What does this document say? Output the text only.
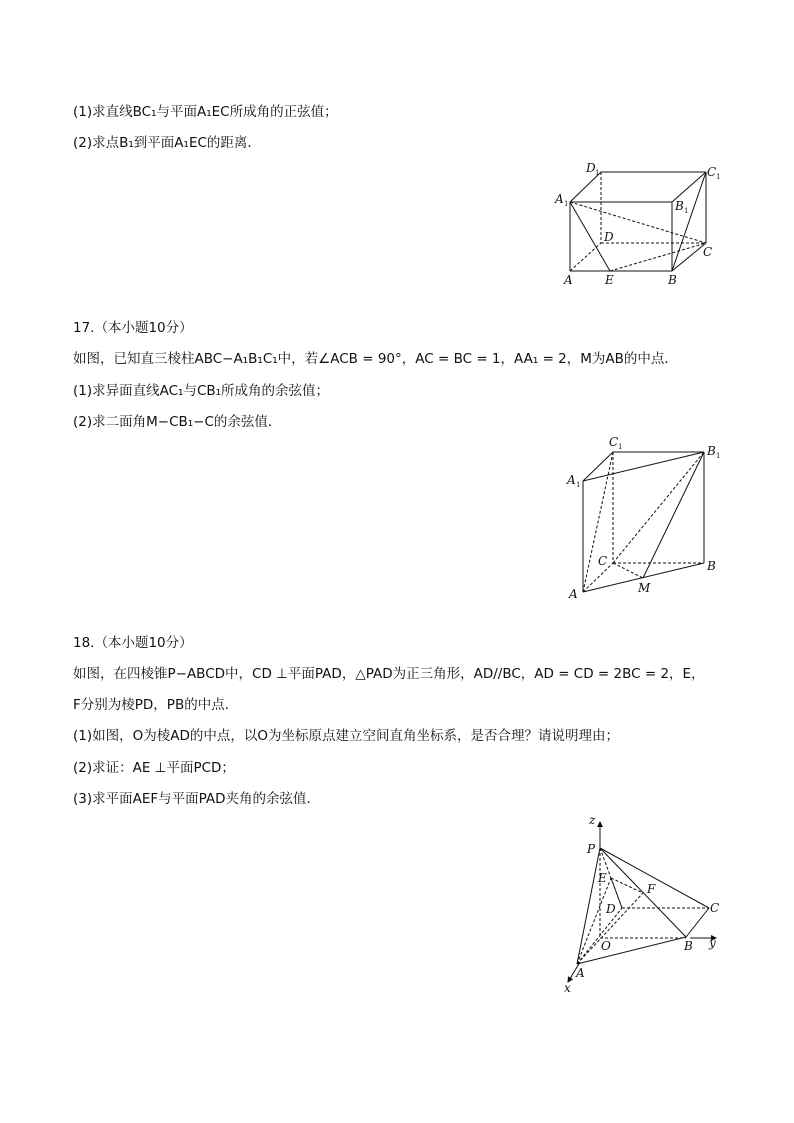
(1)求直线BC₁与平面A₁EC所成角的正弦值；
(2)求点B₁到平面A₁EC的距离．
D 1	C 1
A 1	B 1
D
C
A	E	B
17.（本小题10分）
如图，已知直三棱柱ABC−A₁B₁C₁中，若∠ACB = 90°，AC = BC = 1，AA₁ = 2，M为AB的中点．
(1)求异面直线AC₁与CB₁所成角的余弦值；
(2)求二面角M−CB₁−C的余弦值．
C 1	B 1
A 1
C	B
A	M
18.（本小题10分）
如图，在四棱锥P−ABCD中，CD ⊥平面PAD，△PAD为正三角形，AD//BC，AD = CD = 2BC = 2，E，
F分别为棱PD，PB的中点．
(1)如图，O为棱AD的中点，以O为坐标原点建立空间直角坐标系，是否合理？请说明理由；
(2)求证：AE ⊥平面PCD；
(3)求平面AEF与平面PAD夹角的余弦值．
z
P
E
F
D	C
O	B y
A
x
